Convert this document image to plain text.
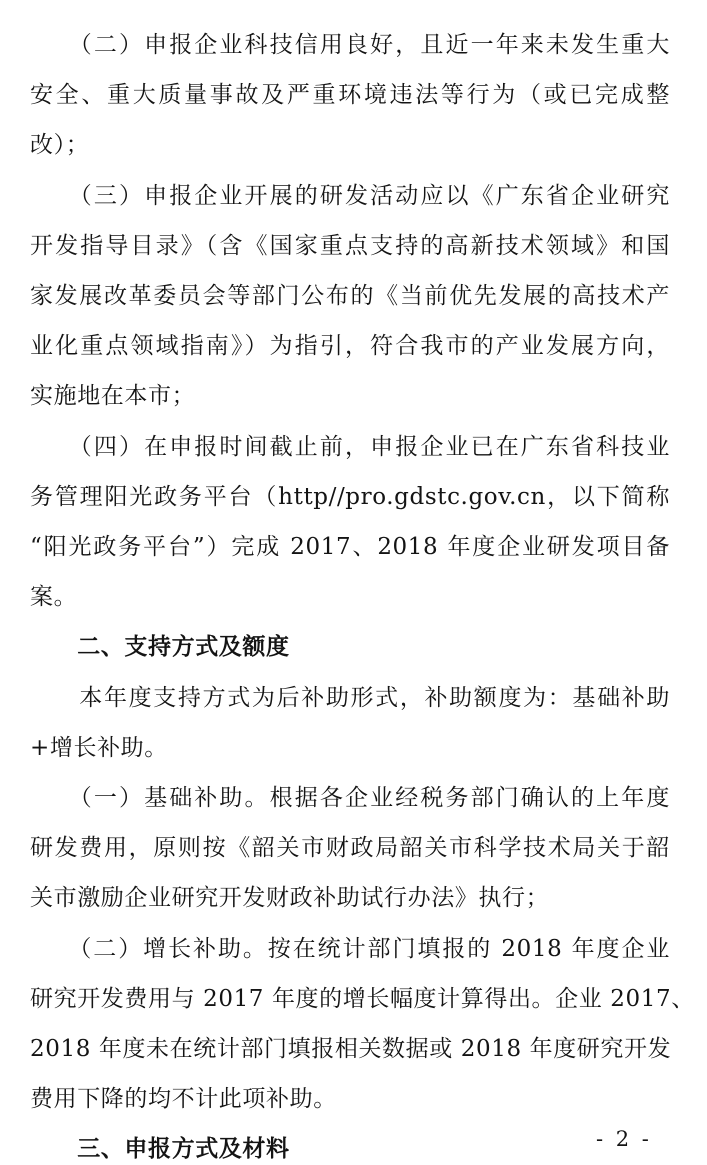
　　（二）申报企业科技信用良好，且近一年来未发生重大
安全、重大质量事故及严重环境违法等行为（或已完成整
改）；
　　（三）申报企业开展的研发活动应以《广东省企业研究
开发指导目录》（含《国家重点支持的高新技术领域》和国
家发展改革委员会等部门公布的《当前优先发展的高技术产
业化重点领域指南》）为指引，符合我市的产业发展方向，
实施地在本市；
　　（四）在申报时间截止前，申报企业已在广东省科技业
务管理阳光政务平台（http//pro.gdstc.gov.cn，以下简称
“阳光政务平台”）完成 2017、2018 年度企业研发项目备
案。
　　二、支持方式及额度
　　本年度支持方式为后补助形式，补助额度为：基础补助
+增长补助。
　　（一）基础补助。根据各企业经税务部门确认的上年度
研发费用，原则按《韶关市财政局韶关市科学技术局关于韶
关市激励企业研究开发财政补助试行办法》执行；
　　（二）增长补助。按在统计部门填报的 2018 年度企业
研究开发费用与 2017 年度的增长幅度计算得出。企业 2017、
2018 年度未在统计部门填报相关数据或 2018 年度研究开发
费用下降的均不计此项补助。
　　三、申报方式及材料	- 2 -
